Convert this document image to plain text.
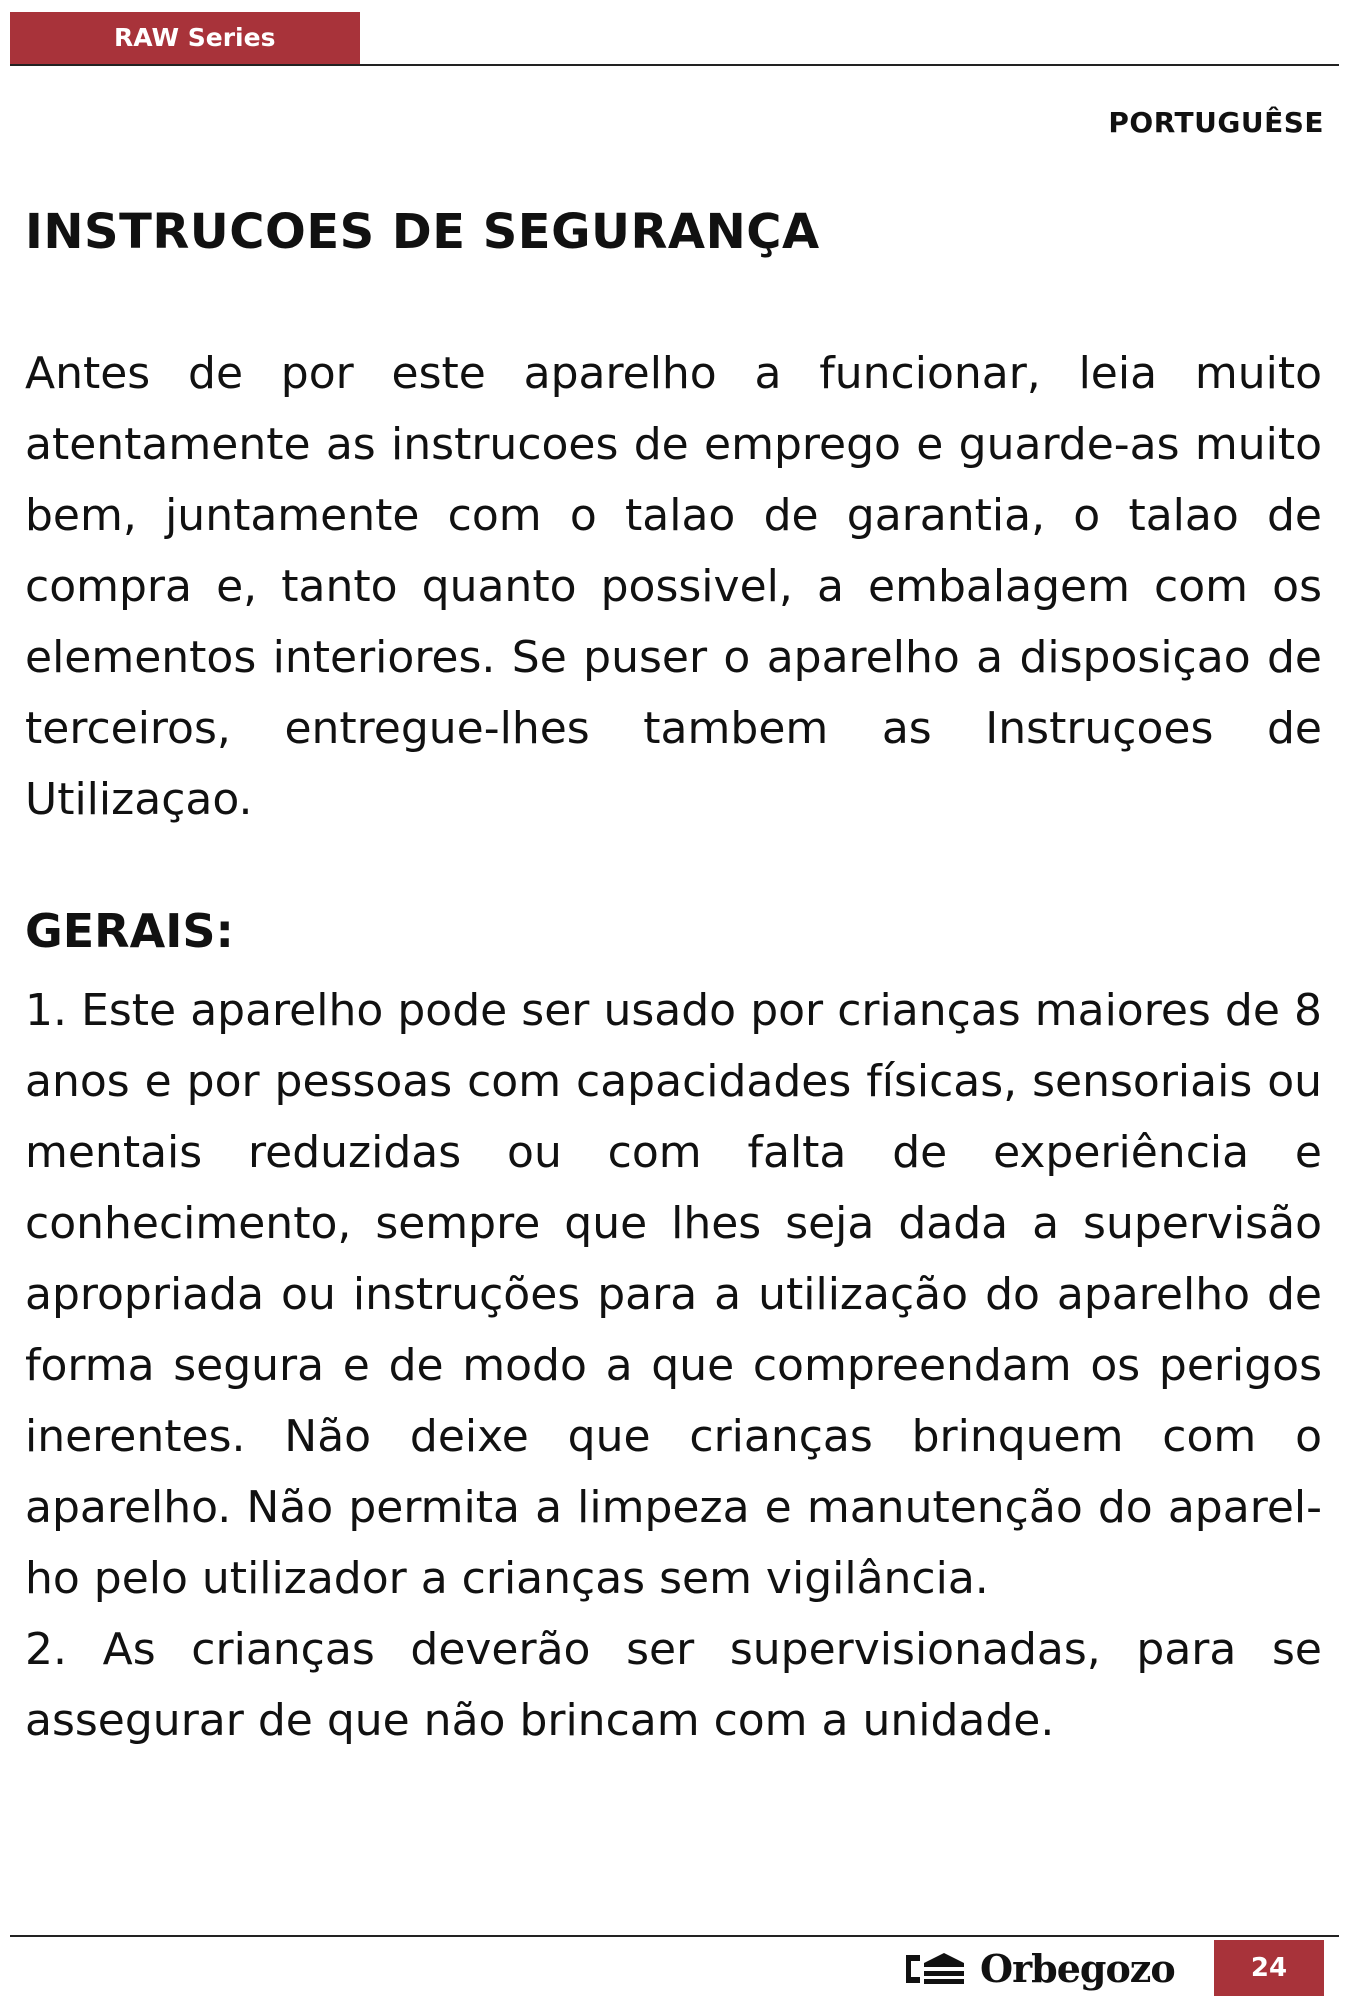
RAW Series
PORTUGUÊSE
INSTRUCOES DE SEGURANÇA

Antes de por este aparelho a funcionar, leia muito atentamente as instrucoes de emprego e guarde-as muito bem, juntamente com o talao de garantia, o talao de compra e, tanto quanto possivel, a embalagem com os elementos interiores. Se puser o aparelho a disposiçao de terceiros, entregue-lhes tambem as Instruçoes de Utilizaçao.

GERAIS:
1. Este aparelho pode ser usado por crianças maiores de 8 anos e por pessoas com capacidades físicas, sensoriais ou mentais reduzidas ou com falta de experiência e conhecimento, sempre que lhes seja dada a supervisão apropriada ou instruções para a utilização do aparelho de forma segura e de modo a que compreendam os perigos inerentes. Não deixe que crianças brinquem com o aparelho. Não permita a limpeza e manutenção do aparel-ho pelo utilizador a crianças sem vigilância.
2. As crianças deverão ser supervisionadas, para se assegurar de que não brincam com a unidade.
Orbegozo	24
